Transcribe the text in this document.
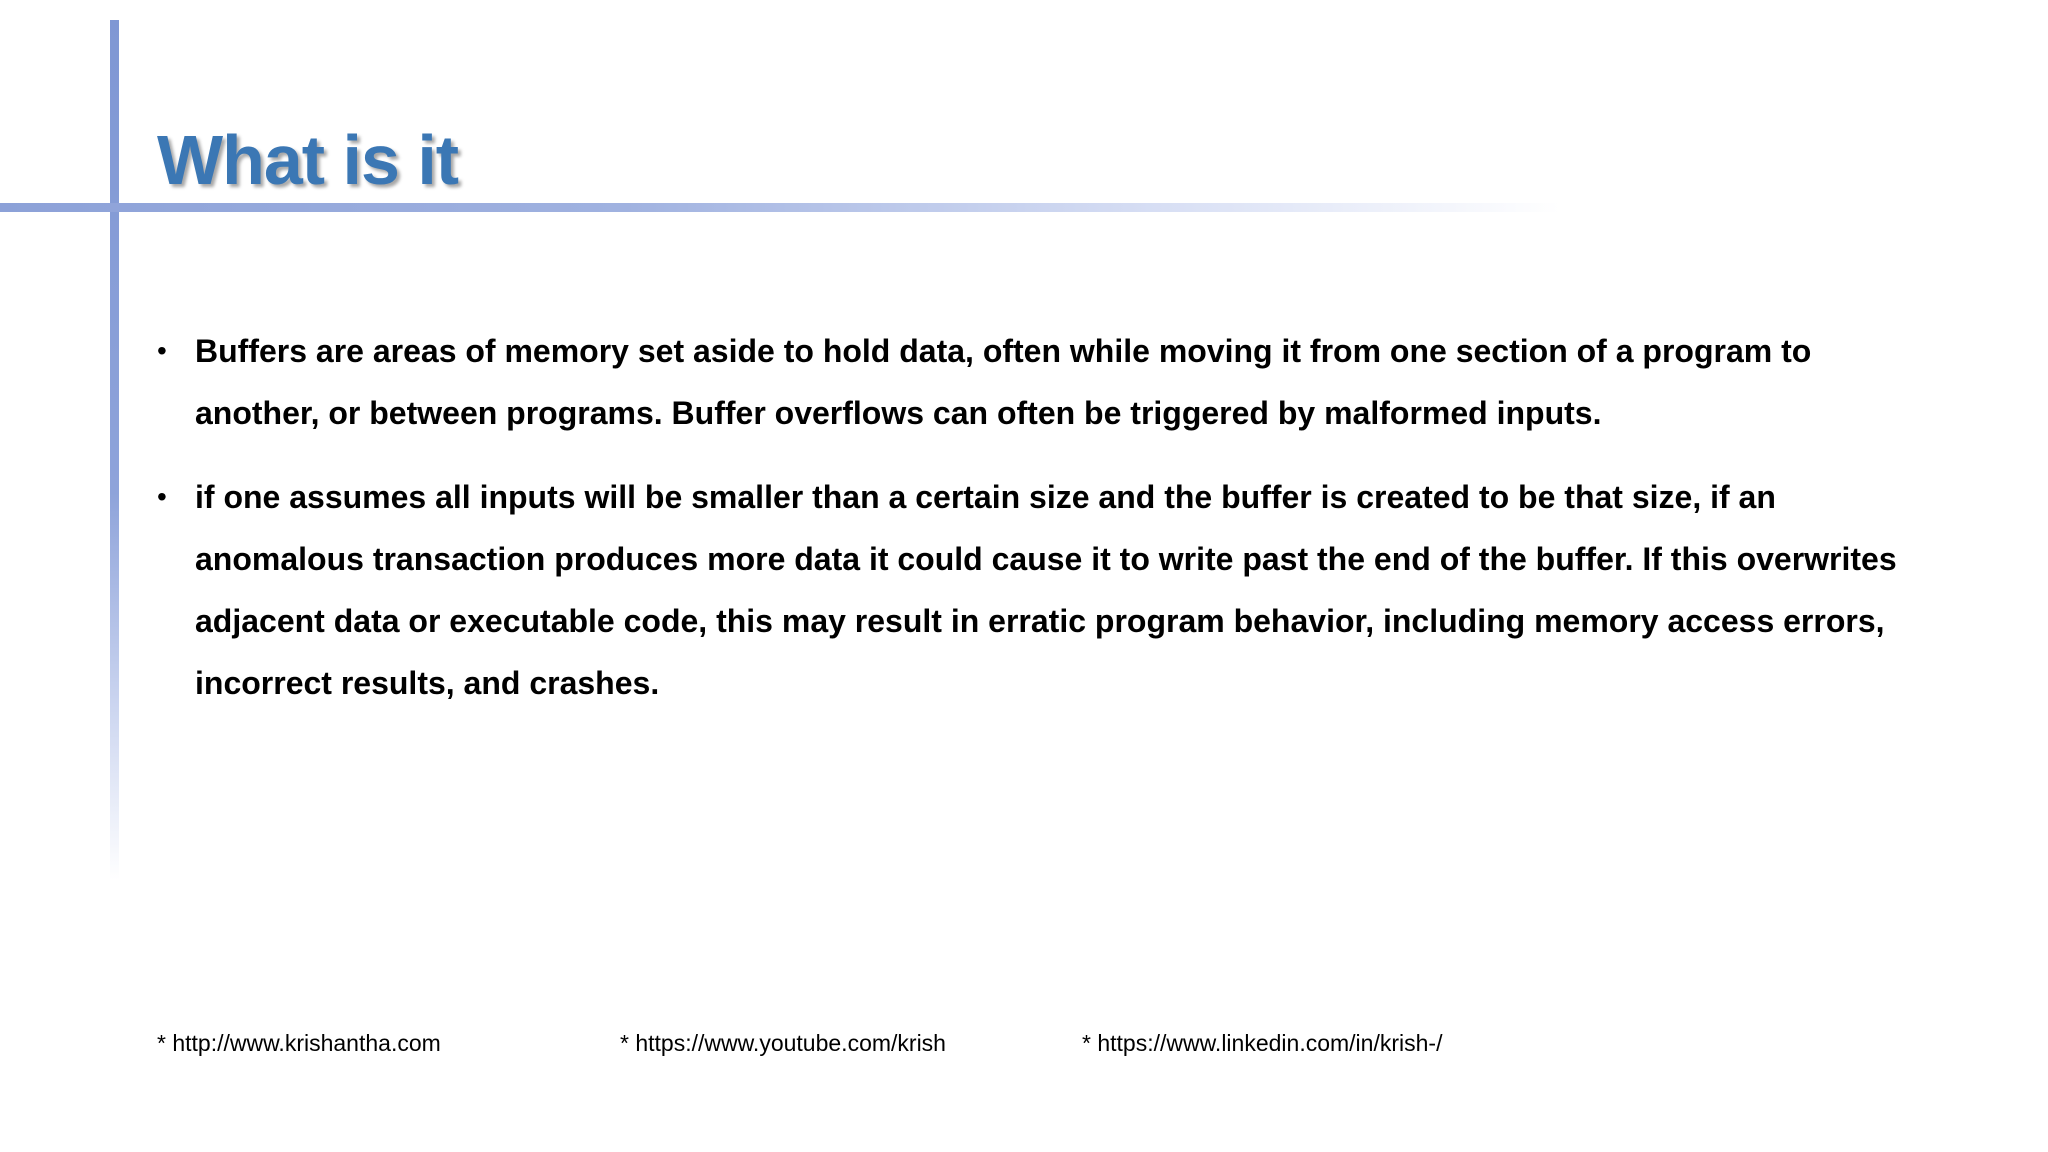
What is it
• Buffers are areas of memory set aside to hold data, often while moving it from one section of a program to another, or between programs. Buffer overflows can often be triggered by malformed inputs.
• if one assumes all inputs will be smaller than a certain size and the buffer is created to be that size, if an anomalous transaction produces more data it could cause it to write past the end of the buffer. If this overwrites adjacent data or executable code, this may result in erratic program behavior, including memory access errors, incorrect results, and crashes.
* http://www.krishantha.com	* https://www.youtube.com/krish	* https://www.linkedin.com/in/krish-/
